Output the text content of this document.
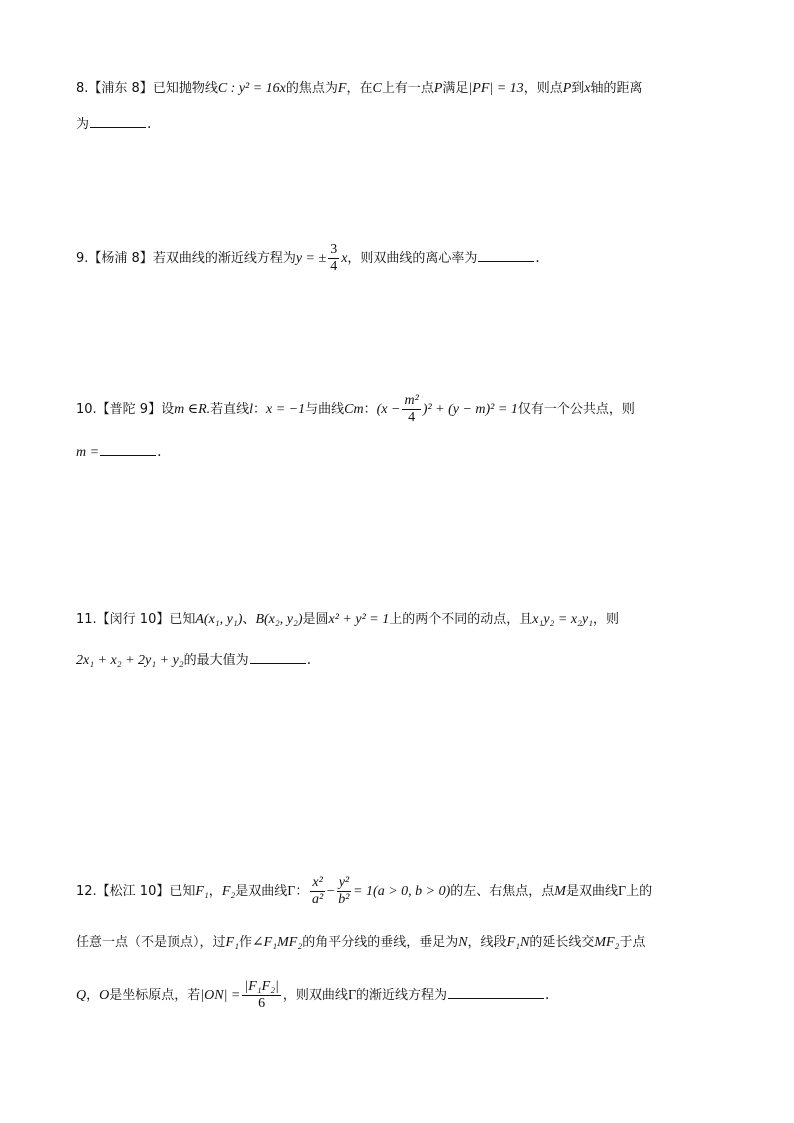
8.【浦东 8】已知抛物线C : y² = 16x的焦点为F，在C上有一点P满足|PF| = 13，则点P到x轴的距离
为	.
9.【杨浦 8】若双曲线的渐近线方程为y = ± $\frac{3}{4}$ x，则双曲线的离心率为	.
10.【普陀 9】设m ∈R.若直线l：x = −1与曲线Cm：$(x - \frac{\text{m²}}{4} )^2 + (y - m)^2 = 1$仅有一个公共点，则
m =	.
11.【闵行 10】已知A(x₁, y₁)、B(x₂, y₂)是圆x² + y² = 1上的两个不同的动点，且x₁y₂ = x₂y₁，则
2x₁ + x₂ + 2y₁ + y₂的最大值为	.
12.【松江 10】已知F₁，F₂是双曲线Γ： $\frac{\text{x²}}{\text{a²}} - \frac{\text{y²}}{\text{b²}} = 1(a > 0$, b > 0)的左、右焦点，点M是双曲线Γ上的
任意一点（不是顶点），过F₁作∠F₁MF₂的角平分线的垂线，垂足为N，线段F₁N的延长线交MF₂于点
Q，O是坐标原点，若$|ON| = \frac{\text{|F₁F₂|}}{6}$ ，则双曲线Γ的渐近线方程为	.
